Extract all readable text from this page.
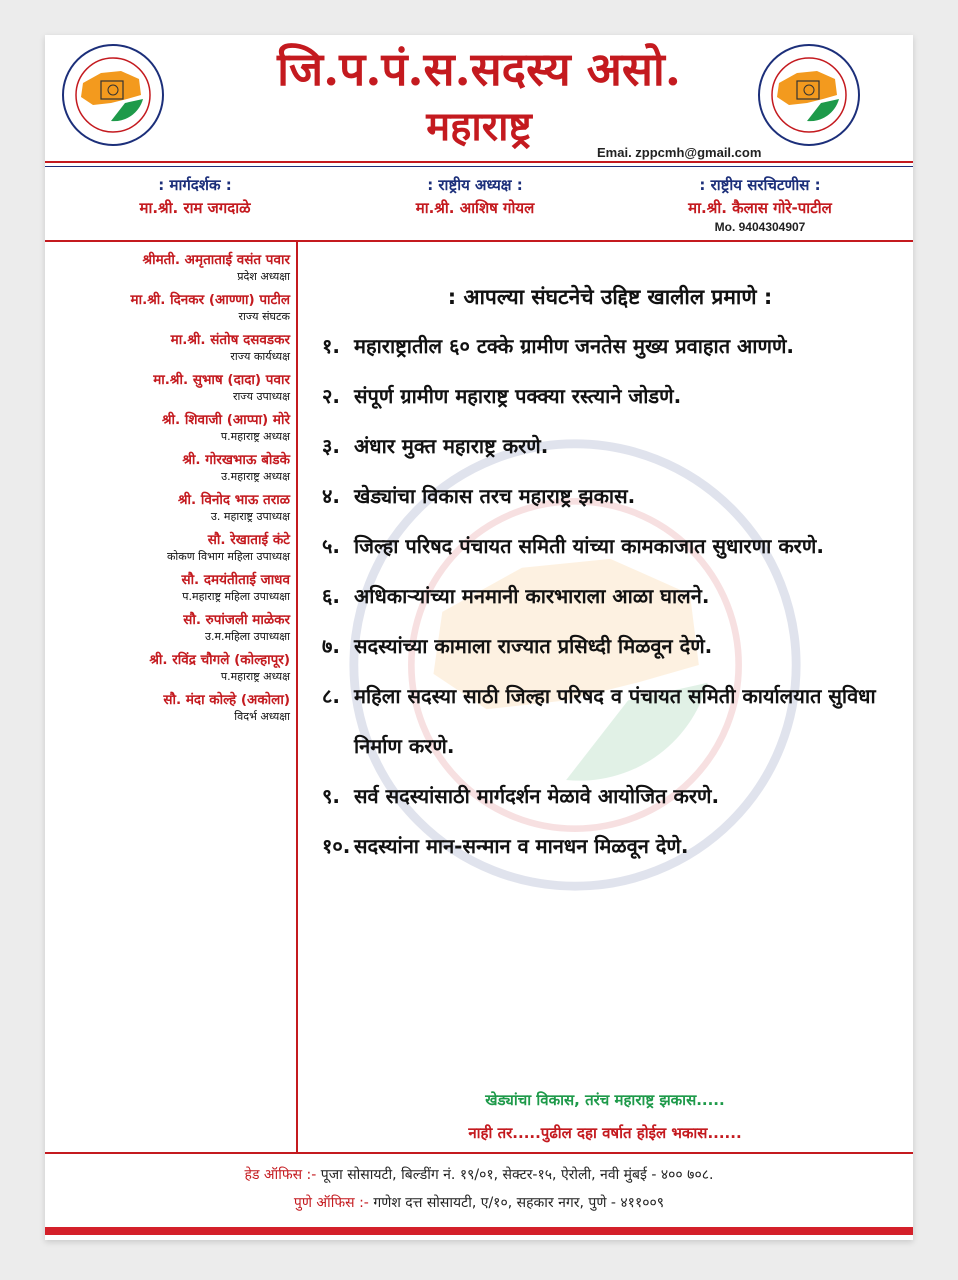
जि.प.पं.स.सदस्य असो.
महाराष्ट्र
Emai. zppcmh@gmail.com
: मार्गदर्शक :
मा.श्री. राम जगदाळे
: राष्ट्रीय अध्यक्ष :
मा.श्री. आशिष गोयल
: राष्ट्रीय सरचिटणीस :
मा.श्री. कैलास गोरे-पाटील
Mo. 9404304907
श्रीमती. अमृताताई वसंत पवार
प्रदेश अध्यक्षा
मा.श्री. दिनकर (आण्णा) पाटील
राज्य संघटक
मा.श्री. संतोष दसवडकर
राज्य कार्यध्यक्ष
मा.श्री. सुभाष (दादा) पवार
राज्य उपाध्यक्ष
श्री. शिवाजी (आप्पा) मोरे
प.महाराष्ट्र अध्यक्ष
श्री. गोरखभाऊ बोडके
उ.महाराष्ट्र अध्यक्ष
श्री. विनोद भाऊ तराळ
उ. महाराष्ट्र उपाध्यक्ष
सौ. रेखाताई कंटे
कोकण विभाग महिला उपाध्यक्ष
सौ. दमयंतीताई जाधव
प.महाराष्ट्र महिला उपाध्यक्षा
सौ. रुपांजली माळेकर
उ.म.महिला उपाध्यक्षा
श्री. रविंद्र चौगले (कोल्हापूर)
प.महाराष्ट्र अध्यक्ष
सौ. मंदा कोल्हे (अकोला)
विदर्भ अध्यक्षा
: आपल्या संघटनेचे उद्दिष्ट खालील प्रमाणे :
१. महाराष्ट्रातील ६० टक्के ग्रामीण जनतेस मुख्य प्रवाहात आणणे.
२. संपूर्ण ग्रामीण महाराष्ट्र पक्क्या रस्त्याने जोडणे.
३. अंधार मुक्त महाराष्ट्र करणे.
४. खेड्यांचा विकास तरच महाराष्ट्र झकास.
५. जिल्हा परिषद पंचायत समिती यांच्या कामकाजात सुधारणा करणे.
६. अधिकाऱ्यांच्या मनमानी कारभाराला आळा घालने.
७. सदस्यांच्या कामाला राज्यात प्रसिध्दी मिळवून देणे.
८. महिला सदस्या साठी जिल्हा परिषद व पंचायत समिती कार्यालयात सुविधा निर्माण करणे.
९. सर्व सदस्यांसाठी मार्गदर्शन मेळावे आयोजित करणे.
१०. सदस्यांना मान-सन्मान व मानधन मिळवून देणे.
खेड्यांचा विकास, तरंच महाराष्ट्र झकास.....
नाही तर.....पुढील दहा वर्षात होईल भकास......
हेड ऑफिस :- पूजा सोसायटी, बिल्डींग नं. १९/०१, सेक्टर-१५, ऐरोली, नवी मुंबई - ४०० ७०८.
पुणे ऑफिस :- गणेश दत्त सोसायटी, ए/१०, सहकार नगर, पुणे - ४११००९
